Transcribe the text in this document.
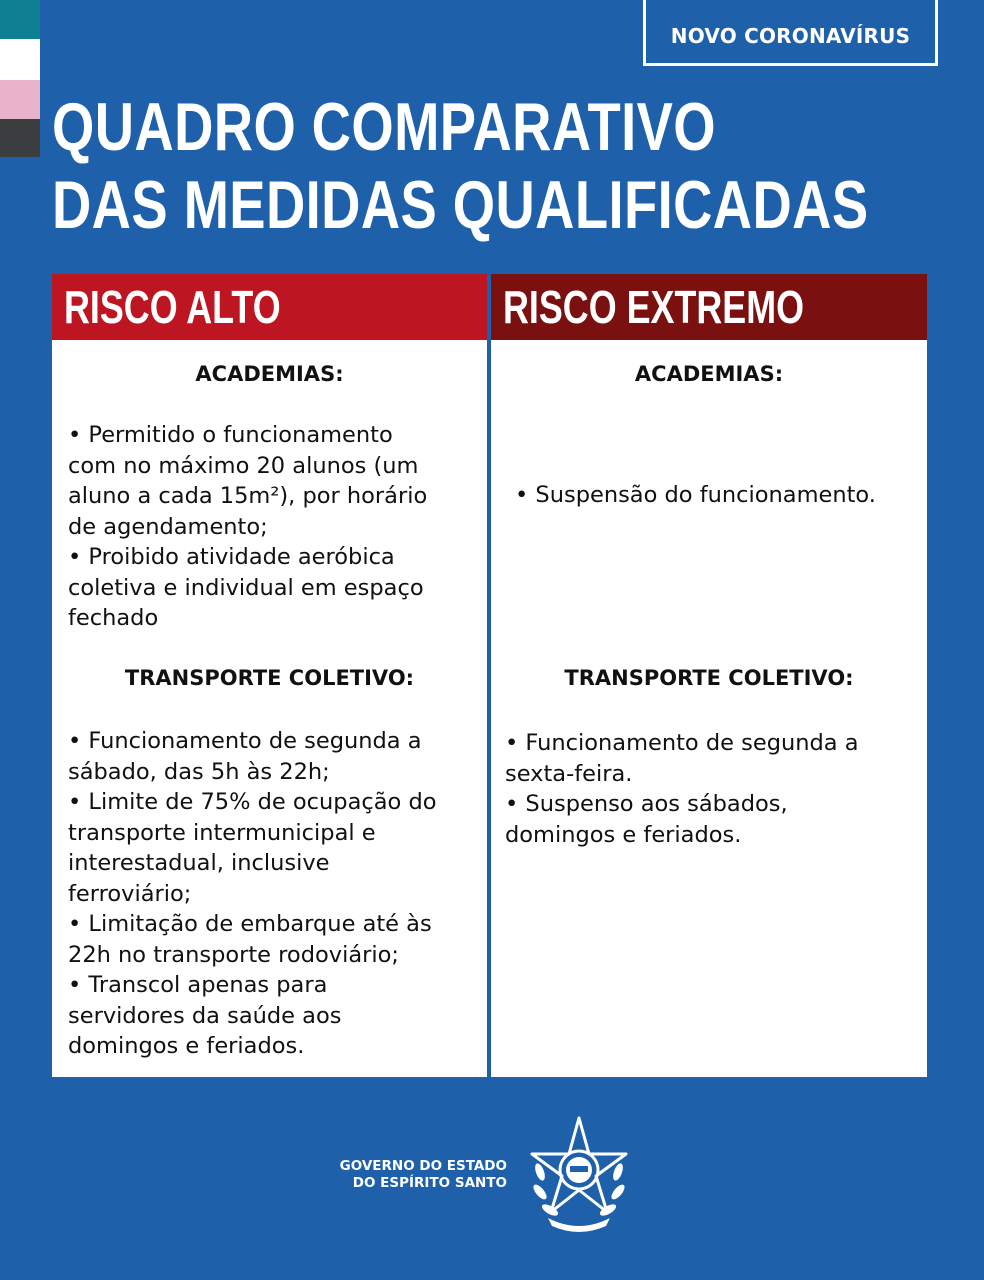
NOVO CORONAVÍRUS
QUADRO COMPARATIVO
DAS MEDIDAS QUALIFICADAS
RISCO ALTO
ACADEMIAS:
• Permitido o funcionamento
com no máximo 20 alunos (um
aluno a cada 15m²), por horário
de agendamento;
• Proibido atividade aeróbica
coletiva e individual em espaço
fechado
TRANSPORTE COLETIVO:
• Funcionamento de segunda a
sábado, das 5h às 22h;
• Limite de 75% de ocupação do
transporte intermunicipal e
interestadual, inclusive
ferroviário;
• Limitação de embarque até às
22h no transporte rodoviário;
• Transcol apenas para
servidores da saúde aos
domingos e feriados.
RISCO EXTREMO
ACADEMIAS:
• Suspensão do funcionamento.
TRANSPORTE COLETIVO:
• Funcionamento de segunda a
sexta-feira.
• Suspenso aos sábados,
domingos e feriados.
GOVERNO DO ESTADO
DO ESPÍRITO SANTO
